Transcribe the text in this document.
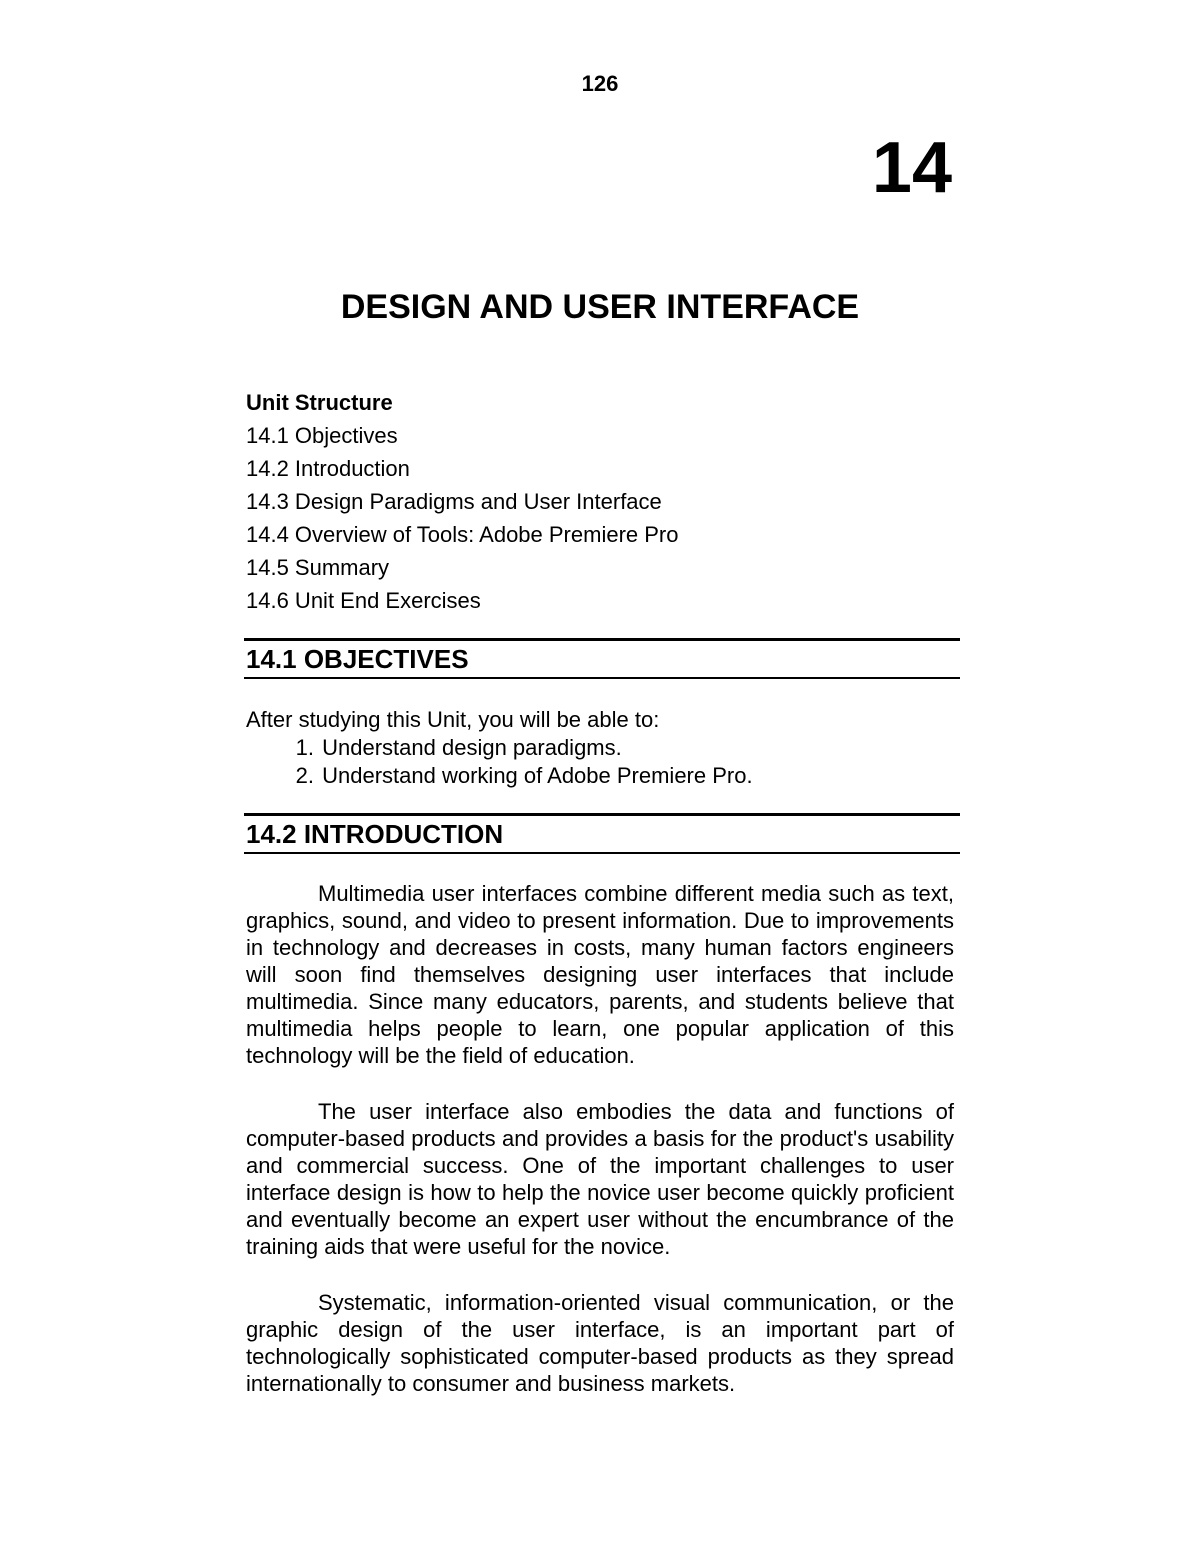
126
14
DESIGN AND USER INTERFACE
Unit Structure
14.1 Objectives
14.2 Introduction
14.3 Design Paradigms and User Interface
14.4 Overview of Tools: Adobe Premiere Pro
14.5 Summary
14.6 Unit End Exercises
14.1 OBJECTIVES
After studying this Unit, you will be able to:
1. Understand design paradigms.
2. Understand working of Adobe Premiere Pro.
14.2 INTRODUCTION

Multimedia user interfaces combine different media such as text, graphics, sound, and video to present information. Due to improvements in technology and decreases in costs, many human factors engineers will soon find themselves designing user interfaces that include multimedia. Since many educators, parents, and students believe that multimedia helps people to learn, one popular application of this technology will be the field of education.

The user interface also embodies the data and functions of computer-based products and provides a basis for the product's usability and commercial success. One of the important challenges to user interface design is how to help the novice user become quickly proficient and eventually become an expert user without the encumbrance of the training aids that were useful for the novice.

Systematic, information-oriented visual communication, or the graphic design of the user interface, is an important part of technologically sophisticated computer-based products as they spread internationally to consumer and business markets.
